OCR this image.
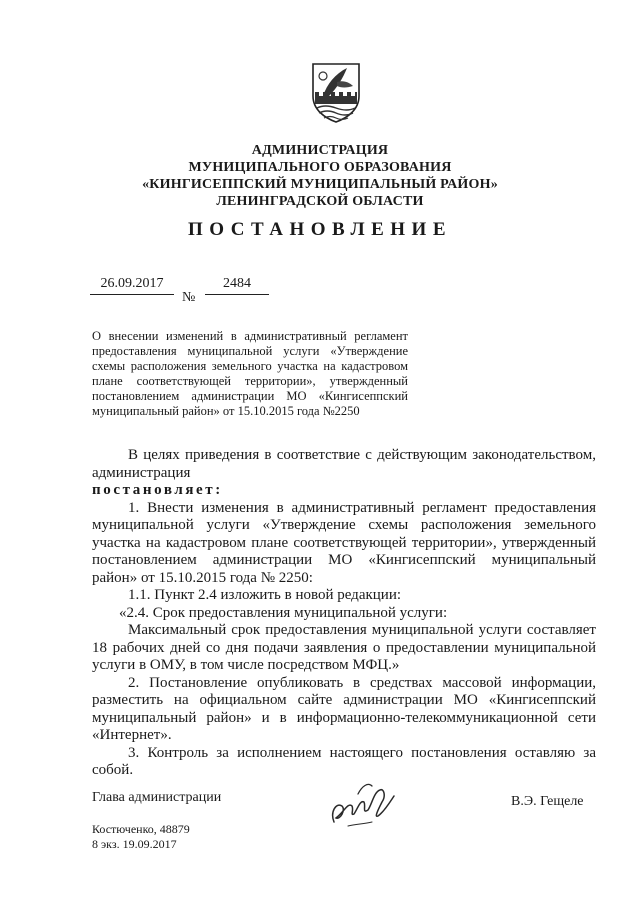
АДМИНИСТРАЦИЯ
МУНИЦИПАЛЬНОГО ОБРАЗОВАНИЯ
«КИНГИСЕППСКИЙ МУНИЦИПАЛЬНЫЙ РАЙОН»
ЛЕНИНГРАДСКОЙ ОБЛАСТИ
ПОСТАНОВЛЕНИЕ
26.09.2017
№
2484
О внесении изменений в административный регламент предоставления муниципальной услуги «Утверждение схемы расположения земельного участка на кадастровом плане соответствующей территории», утвержденный постановлением администрации МО «Кингисеппский муниципальный район» от 15.10.2015 года №2250

В целях приведения в соответствие с действующим законодательством, администрация

постановляет:

1. Внести изменения в административный регламент предоставления муниципальной услуги «Утверждение схемы расположения земельного участка на кадастровом плане соответствующей территории», утвержденный постановлением администрации МО «Кингисеппский муниципальный район» от 15.10.2015 года № 2250:

1.1. Пункт 2.4 изложить в новой редакции:

«2.4. Срок предоставления муниципальной услуги:

Максимальный срок предоставления муниципальной услуги составляет 18 рабочих дней со дня подачи заявления о предоставлении муниципальной услуги в ОМУ, в том числе посредством МФЦ.»

2. Постановление опубликовать в средствах массовой информации, разместить на официальном сайте администрации МО «Кингисеппский муниципальный район» и в информационно-телекоммуникационной сети «Интернет».

3. Контроль за исполнением настоящего постановления оставляю за собой.

Глава администрации	В.Э. Гещеле
Костюченко, 48879
8 экз. 19.09.2017
